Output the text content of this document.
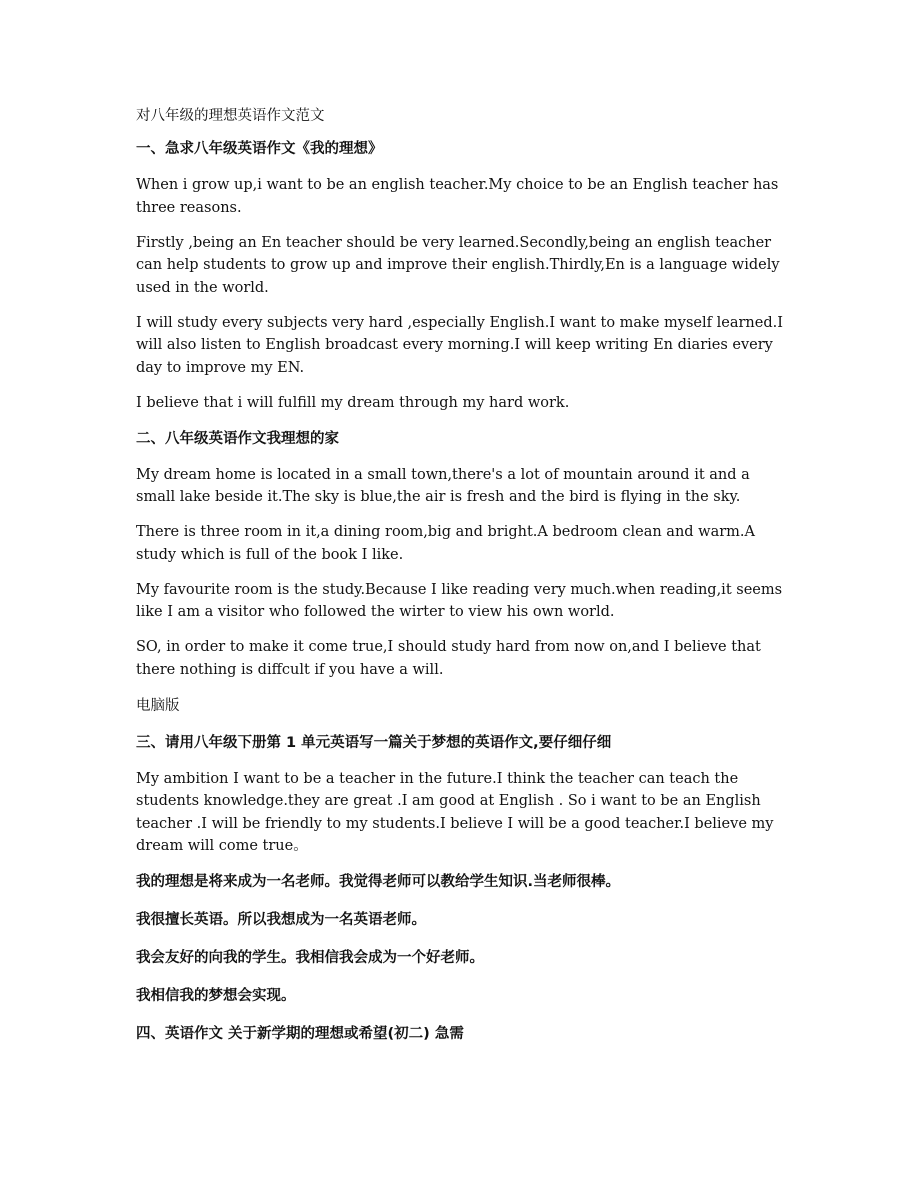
对八年级的理想英语作文范文
一、急求八年级英语作文《我的理想》

When i grow up,i want to be an english teacher.My choice to be an English teacher has three reasons.

Firstly ,being an En teacher should be very learned.Secondly,being an english teacher can help students to grow up and improve their english.Thirdly,En is a language widely used in the world.

I will study every subjects very hard ,especially English.I want to make myself learned.I will also listen to English broadcast every morning.I will keep writing En diaries every day to improve my EN.

I believe that i will fulfill my dream through my hard work.

二、八年级英语作文我理想的家

My dream home is located in a small town,there's a lot of mountain around it and a small lake beside it.The sky is blue,the air is fresh and the bird is flying in the sky.

There is three room in it,a dining room,big and bright.A bedroom clean and warm.A study which is full of the book I like.

My favourite room is the study.Because I like reading very much.when reading,it seems like I am a visitor who followed the wirter to view his own world.

SO, in order to make it come true,I should study hard from now on,and I believe that there nothing is diffcult if you have a will.

电脑版

三、请用八年级下册第 1 单元英语写一篇关于梦想的英语作文,要仔细仔细

My ambition I want to be a teacher in the future.I think the teacher can teach the students knowledge.they are great .I am good at English . So i want to be an English teacher .I will be friendly to my students.I believe I will be a good teacher.I believe my dream will come true。

我的理想是将来成为一名老师。我觉得老师可以教给学生知识.当老师很棒。

我很擅长英语。所以我想成为一名英语老师。

我会友好的向我的学生。我相信我会成为一个好老师。

我相信我的梦想会实现。

四、英语作文 关于新学期的理想或希望(初二) 急需
